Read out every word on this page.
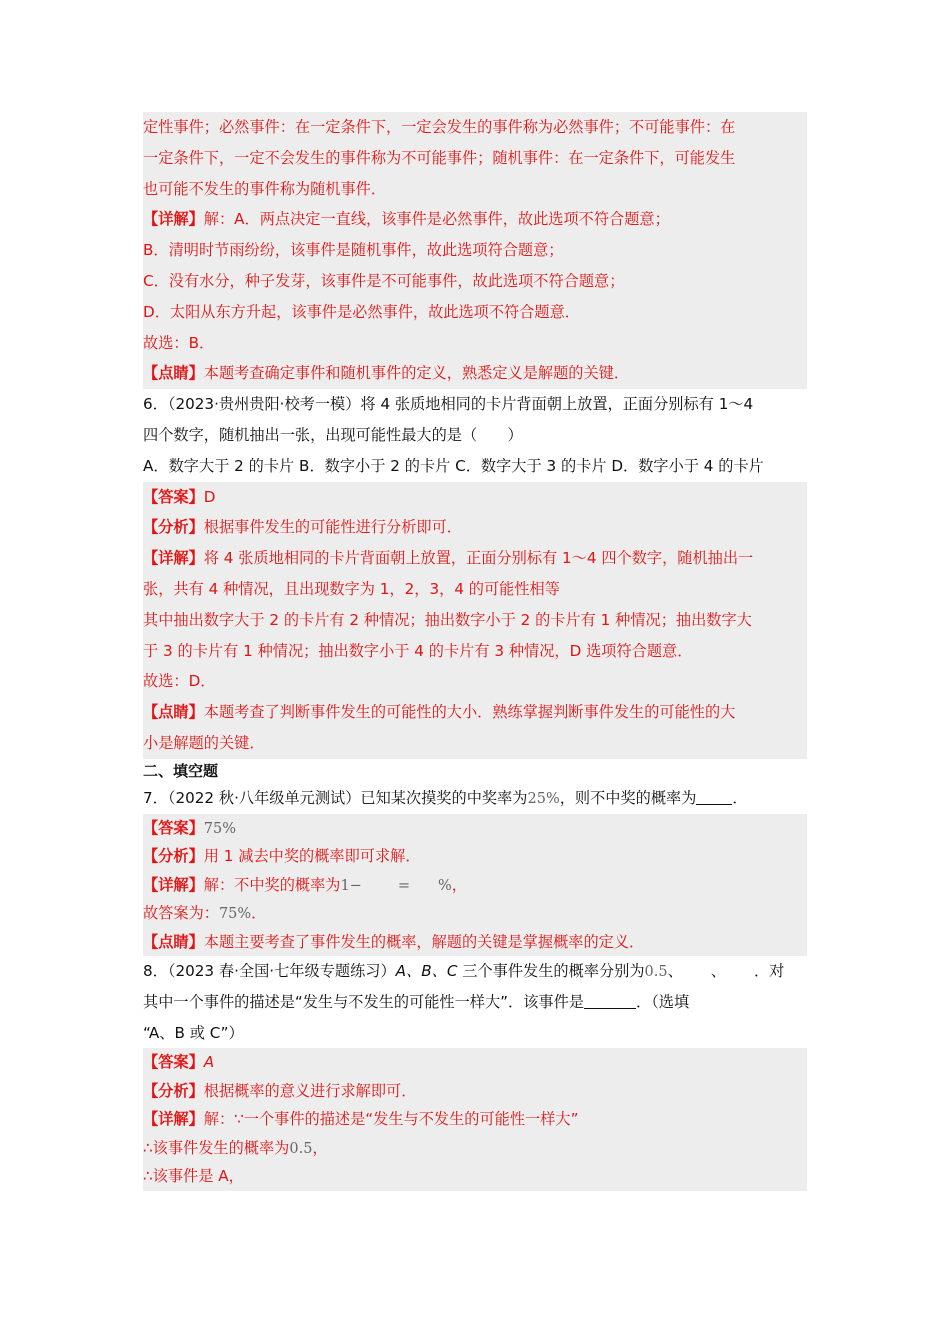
定性事件；必然事件：在一定条件下，一定会发生的事件称为必然事件；不可能事件：在
一定条件下，一定不会发生的事件称为不可能事件；随机事件：在一定条件下，可能发生
也可能不发生的事件称为随机事件．
【详解】解：A．两点决定一直线，该事件是必然事件，故此选项不符合题意；
B．清明时节雨纷纷，该事件是随机事件，故此选项符合题意；
C．没有水分，种子发芽，该事件是不可能事件，故此选项不符合题意；
D．太阳从东方升起，该事件是必然事件，故此选项不符合题意．
故选：B．
【点睛】本题考查确定事件和随机事件的定义，熟悉定义是解题的关键．
6．（2023·贵州贵阳·校考一模）将 4 张质地相同的卡片背面朝上放置，正面分别标有 1～4
四个数字，随机抽出一张，出现可能性最大的是（　　）
A．数字大于 2 的卡片 B．数字小于 2 的卡片 C．数字大于 3 的卡片 D．数字小于 4 的卡片
【答案】D
【分析】根据事件发生的可能性进行分析即可．
【详解】将 4 张质地相同的卡片背面朝上放置，正面分别标有 1～4 四个数字，随机抽出一
张，共有 4 种情况，且出现数字为 1，2，3，4 的可能性相等
其中抽出数字大于 2 的卡片有 2 种情况；抽出数字小于 2 的卡片有 1 种情况；抽出数字大
于 3 的卡片有 1 种情况；抽出数字小于 4 的卡片有 3 种情况，D 选项符合题意．
故选：D．
【点睛】本题考查了判断事件发生的可能性的大小．熟练掌握判断事件发生的可能性的大
小是解题的关键．
二、填空题
7．（2022 秋·八年级单元测试）已知某次摸奖的中奖率为25%，则不中奖的概率为 ．
【答案】75%
【分析】用 1 减去中奖的概率即可求解．
【详解】解：不中奖的概率为1− = %，
故答案为：75%．
【点睛】本题主要考查了事件发生的概率，解题的关键是掌握概率的定义．
8．（2023 春·全国·七年级专题练习）A、B、C 三个事件发生的概率分别为0.5、 、 ．对
其中一个事件的描述是“发生与不发生的可能性一样大”．该事件是	．（选填
“A、B 或 C”）
【答案】A
【分析】根据概率的意义进行求解即可．
【详解】解：∵一个事件的描述是“发生与不发生的可能性一样大”
∴该事件发生的概率为0.5，
∴该事件是 A，
